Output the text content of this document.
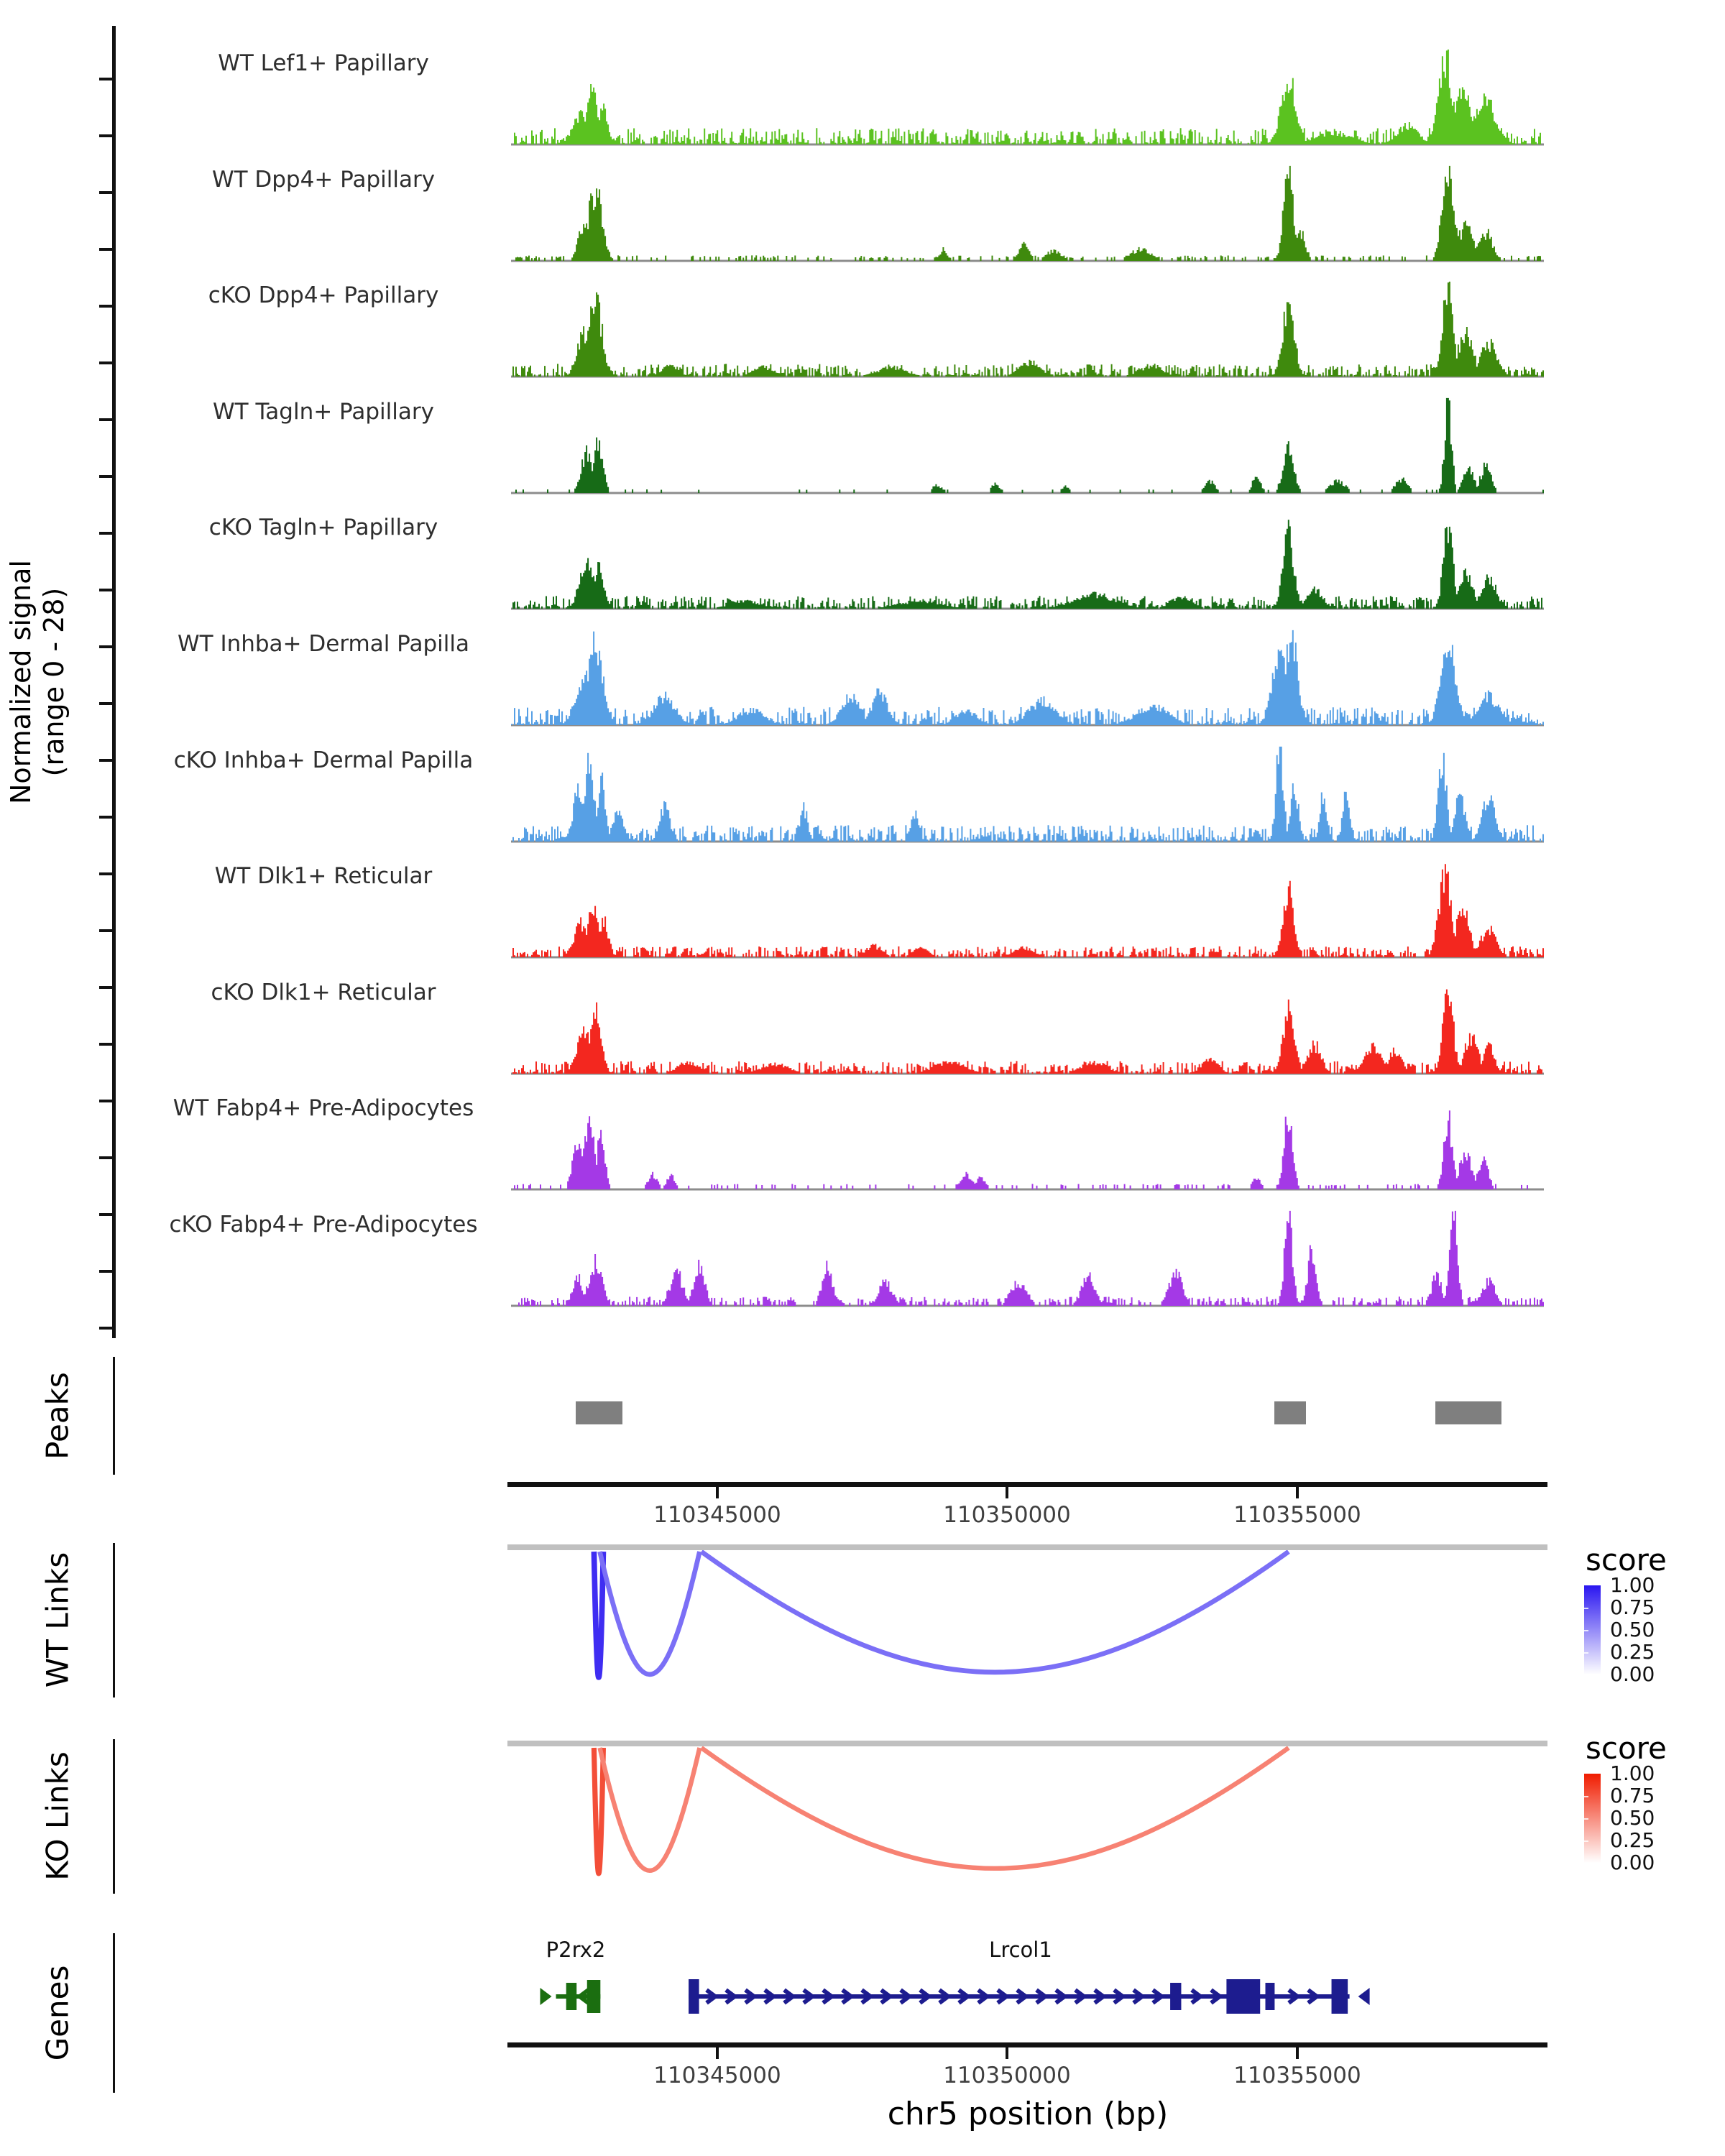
Normalized signal
(range 0 - 28)
WT Lef1+ Papillary
WT Dpp4+ Papillary
cKO Dpp4+ Papillary
WT Tagln+ Papillary
cKO Tagln+ Papillary
WT Inhba+ Dermal Papilla
cKO Inhba+ Dermal Papilla
WT Dlk1+ Reticular
cKO Dlk1+ Reticular
WT Fabp4+ Pre-Adipocytes
cKO Fabp4+ Pre-Adipocytes
Peaks
110345000	110350000	110355000
WT Links	score
1.00
0.75
0.50
0.25
0.00
KO Links
score
1.00
0.75
0.50
0.25
0.00
Genes
P2rx2	Lrcol1
110345000	110350000	110355000
chr5 position (bp)
